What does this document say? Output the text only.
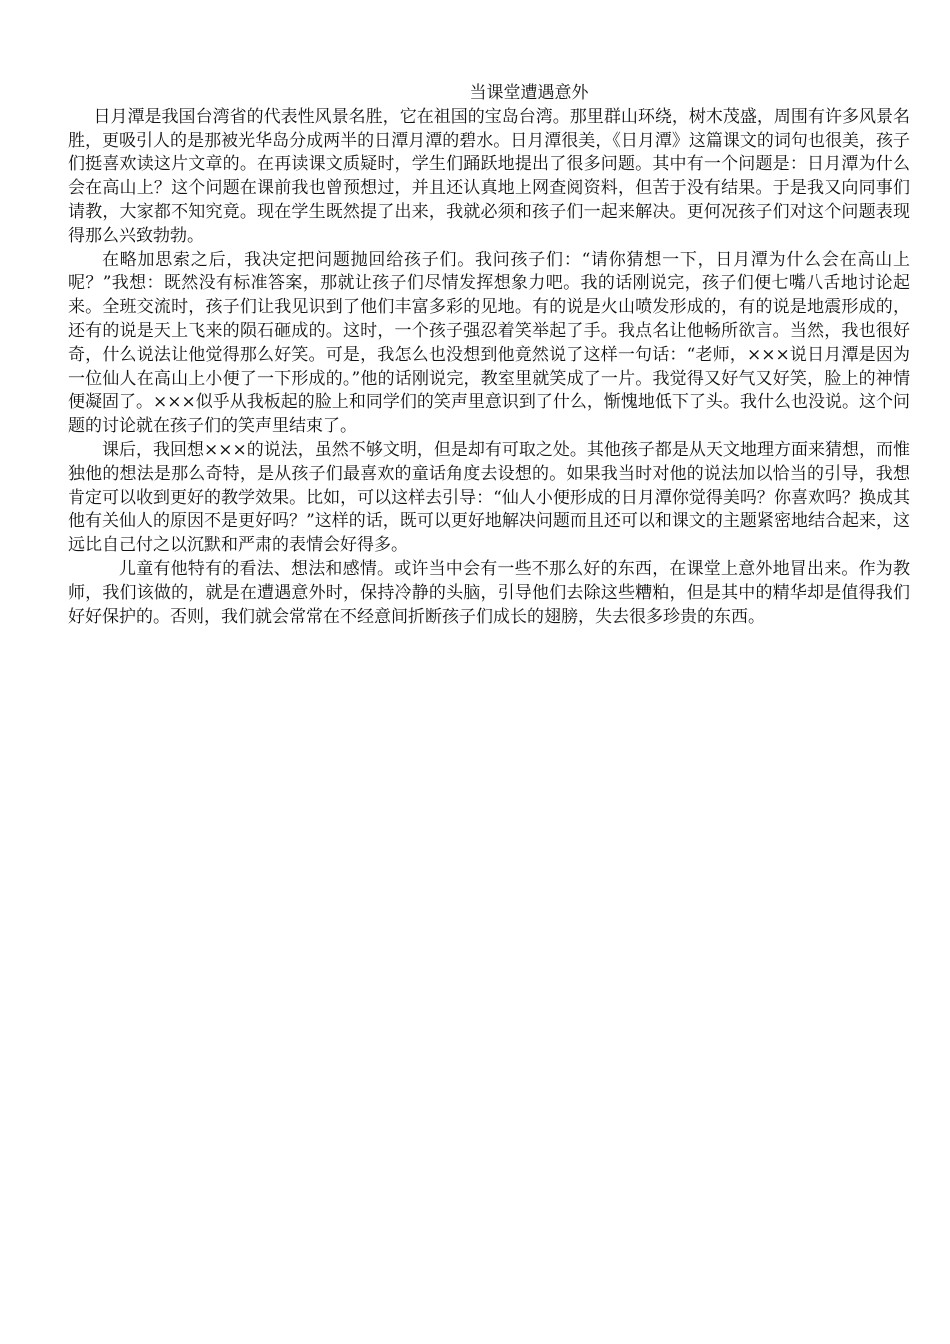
当课堂遭遇意外

日月潭是我国台湾省的代表性风景名胜，它在祖国的宝岛台湾。那里群山环绕，树木茂盛，周围有许多风景名胜，更吸引人的是那被光华岛分成两半的日潭月潭的碧水。日月潭很美，《日月潭》这篇课文的词句也很美，孩子们挺喜欢读这片文章的。在再读课文质疑时，学生们踊跃地提出了很多问题。其中有一个问题是：日月潭为什么会在高山上？这个问题在课前我也曾预想过，并且还认真地上网查阅资料，但苦于没有结果。于是我又向同事们请教，大家都不知究竟。现在学生既然提了出来，我就必须和孩子们一起来解决。更何况孩子们对这个问题表现得那么兴致勃勃。

在略加思索之后，我决定把问题抛回给孩子们。我问孩子们：“请你猜想一下，日月潭为什么会在高山上呢？”我想：既然没有标准答案，那就让孩子们尽情发挥想象力吧。我的话刚说完，孩子们便七嘴八舌地讨论起来。全班交流时，孩子们让我见识到了他们丰富多彩的见地。有的说是火山喷发形成的，有的说是地震形成的，还有的说是天上飞来的陨石砸成的。这时，一个孩子强忍着笑举起了手。我点名让他畅所欲言。当然，我也很好奇，什么说法让他觉得那么好笑。可是，我怎么也没想到他竟然说了这样一句话：“老师，×××说日月潭是因为一位仙人在高山上小便了一下形成的。”他的话刚说完，教室里就笑成了一片。我觉得又好气又好笑，脸上的神情便凝固了。×××似乎从我板起的脸上和同学们的笑声里意识到了什么，惭愧地低下了头。我什么也没说。这个问题的讨论就在孩子们的笑声里结束了。

课后，我回想×××的说法，虽然不够文明，但是却有可取之处。其他孩子都是从天文地理方面来猜想，而惟独他的想法是那么奇特，是从孩子们最喜欢的童话角度去设想的。如果我当时对他的说法加以恰当的引导，我想肯定可以收到更好的教学效果。比如，可以这样去引导：“仙人小便形成的日月潭你觉得美吗？你喜欢吗？换成其他有关仙人的原因不是更好吗？”这样的话，既可以更好地解决问题而且还可以和课文的主题紧密地结合起来，这远比自己付之以沉默和严肃的表情会好得多。

儿童有他特有的看法、想法和感情。或许当中会有一些不那么好的东西，在课堂上意外地冒出来。作为教师，我们该做的，就是在遭遇意外时，保持冷静的头脑，引导他们去除这些糟粕，但是其中的精华却是值得我们好好保护的。否则，我们就会常常在不经意间折断孩子们成长的翅膀，失去很多珍贵的东西。
